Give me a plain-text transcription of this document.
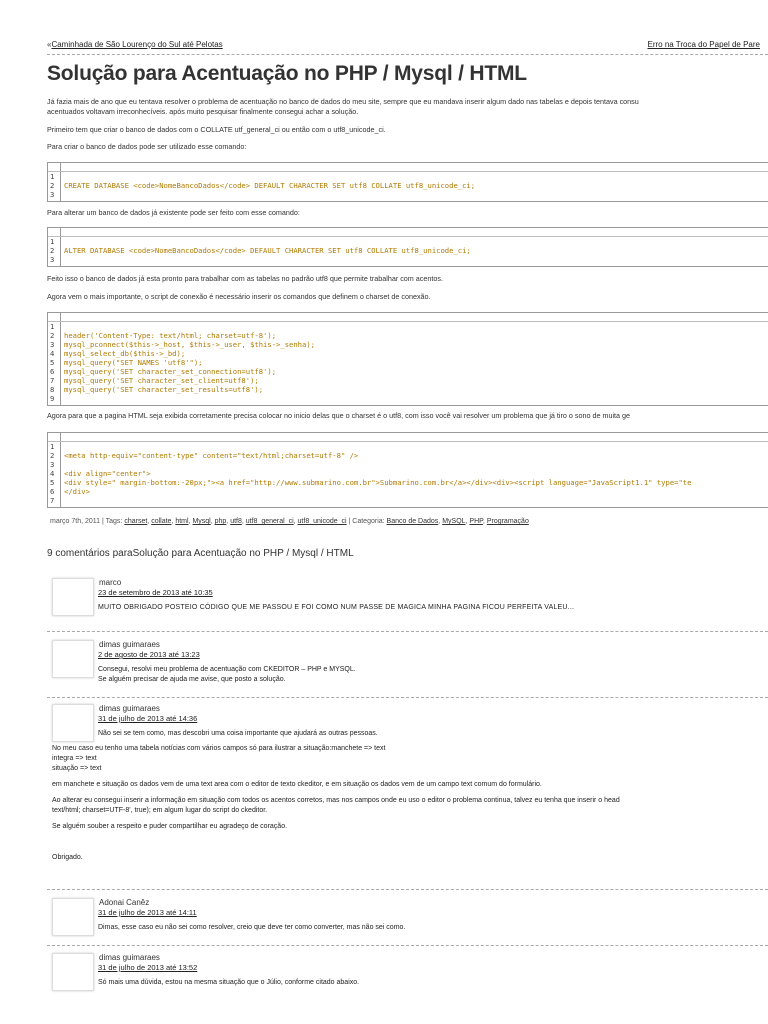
«Caminhada de São Lourenço do Sul até Pelotas	Erro na Troca do Papel de Pare
Solução para Acentuação no PHP / Mysql / HTML
Já fazia mais de ano que eu tentava resolver o problema de acentuação no banco de dados do meu site, sempre que eu mandava inserir algum dado nas tabelas e depois tentava consu
acentuados voltavam irreconhecíveis. após muito pesquisar finalmente consegui achar a solução.
Primeiro tem que criar o banco de dados com o COLLATE utf_general_ci ou então com o utf8_unicode_ci.
Para criar o banco de dados pode ser utilizado esse comando:
1
2 CREATE DATABASE <code>NomeBancoDados</code> DEFAULT CHARACTER SET utf8 COLLATE utf8_unicode_ci;
3
Para alterar um banco de dados já existente pode ser feito com esse comando:
1
2 ALTER DATABASE <code>NomeBancoDados</code> DEFAULT CHARACTER SET utf8 COLLATE utf8_unicode_ci;
3
Feito isso o banco de dados já esta pronto para trabalhar com as tabelas no padrão utf8 que permite trabalhar com acentos.
Agora vem o mais importante, o script de conexão é necessário inserir os comandos que definem o charset de conexão.
1
2 header('Content-Type: text/html; charset=utf-8');
3 mysql_pconnect($this->_host, $this->_user, $this->_senha);
4 mysql_select_db($this->_bd);
5 mysql_query("SET NAMES 'utf8'");
6 mysql_query('SET character_set_connection=utf8');
7 mysql_query('SET character_set_client=utf8');
8 mysql_query('SET character_set_results=utf8');
9
Agora para que a pagina HTML seja exibida corretamente precisa colocar no inicio delas que o charset é o utf8, com isso você vai resolver um problema que já tiro o sono de muita ge
1
2 <meta http-equiv="content-type" content="text/html;charset=utf-8" />
3
4 <div align="center">
5 <div style=" margin-bottom:-20px;"><a href="http://www.submarino.com.br">Submarino.com.br</a></div><div><script language="JavaScript1.1" type="te
6 </div>
7
março 7th, 2011 | Tags: charset, collate, html, Mysql, php, utf8, utf8_general_ci, utf8_unicode_ci | Categoria: Banco de Dados, MySQL, PHP, Programação
9 comentários paraSolução para Acentuação no PHP / Mysql / HTML
marco
23 de setembro de 2013 até 10:35
MUITO OBRIGADO POSTEIO CÓDIGO QUE ME PASSOU E FOI COMO NUM PASSE DE MAGICA MINHA PAGINA FICOU PERFEITA VALEU...
dimas guimaraes
2 de agosto de 2013 até 13:23
Consegui, resolvi meu problema de acentuação com CKEDITOR – PHP e MYSQL.
Se alguém precisar de ajuda me avise, que posto a solução.
dimas guimaraes
31 de julho de 2013 até 14:36
Não sei se tem como, mas descobri uma coisa importante que ajudará as outras pessoas.
No meu caso eu tenho uma tabela notícias com vários campos só para ilustrar a situação:manchete => text
integra => text
situação => text
em manchete e situação os dados vem de uma text area com o editor de texto ckeditor, e em situação os dados vem de um campo text comum do formulário.
Ao alterar eu consegui inserir a informação em situação com todos os acentos corretos, mas nos campos onde eu uso o editor o problema continua, talvez eu tenha que inserir o head
text/html; charset=UTF-8', true); em algum lugar do script do ckeditor.
Se alguém souber a respeito e puder compartilhar eu agradeço de coração.
Obrigado.
Adonai Canêz
31 de julho de 2013 até 14:11
Dimas, esse caso eu não sei como resolver, creio que deve ter como converter, mas não sei como.
dimas guimaraes
31 de julho de 2013 até 13:52
Só mais uma dúvida, estou na mesma situação que o Júlio, conforme citado abaixo.
